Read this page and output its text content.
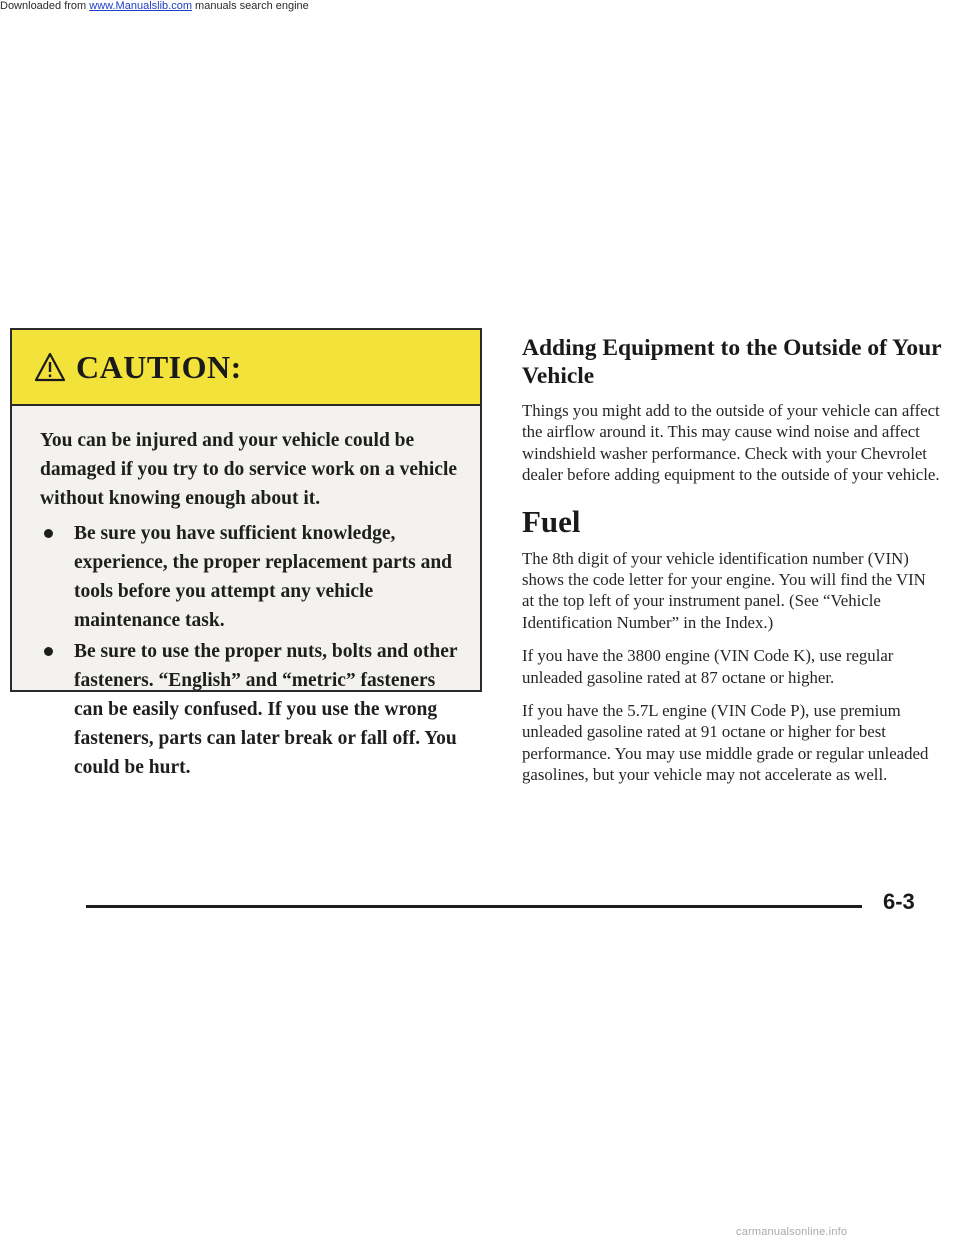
CAUTION:

You can be injured and your vehicle could be damaged if you try to do service work on a vehicle without knowing enough about it.

Be sure you have sufficient knowledge, experience, the proper replacement parts and tools before you attempt any vehicle maintenance task.
Be sure to use the proper nuts, bolts and other fasteners. “English” and “metric” fasteners can be easily confused. If you use the wrong fasteners, parts can later break or fall off. You could be hurt.
Adding Equipment to the Outside of Your Vehicle

Things you might add to the outside of your vehicle can affect the airflow around it. This may cause wind noise and affect windshield washer performance. Check with your Chevrolet dealer before adding equipment to the outside of your vehicle.

Fuel

The 8th digit of your vehicle identification number (VIN) shows the code letter for your engine. You will find the VIN at the top left of your instrument panel. (See “Vehicle Identification Number” in the Index.)

If you have the 3800 engine (VIN Code K), use regular unleaded gasoline rated at 87 octane or higher.

If you have the 5.7L engine (VIN Code P), use premium unleaded gasoline rated at 91 octane or higher for best performance. You may use middle grade or regular unleaded gasolines, but your vehicle may not accelerate as well.

6-3
Downloaded from www.Manualslib.com manuals search engine
carmanualsonline.info
